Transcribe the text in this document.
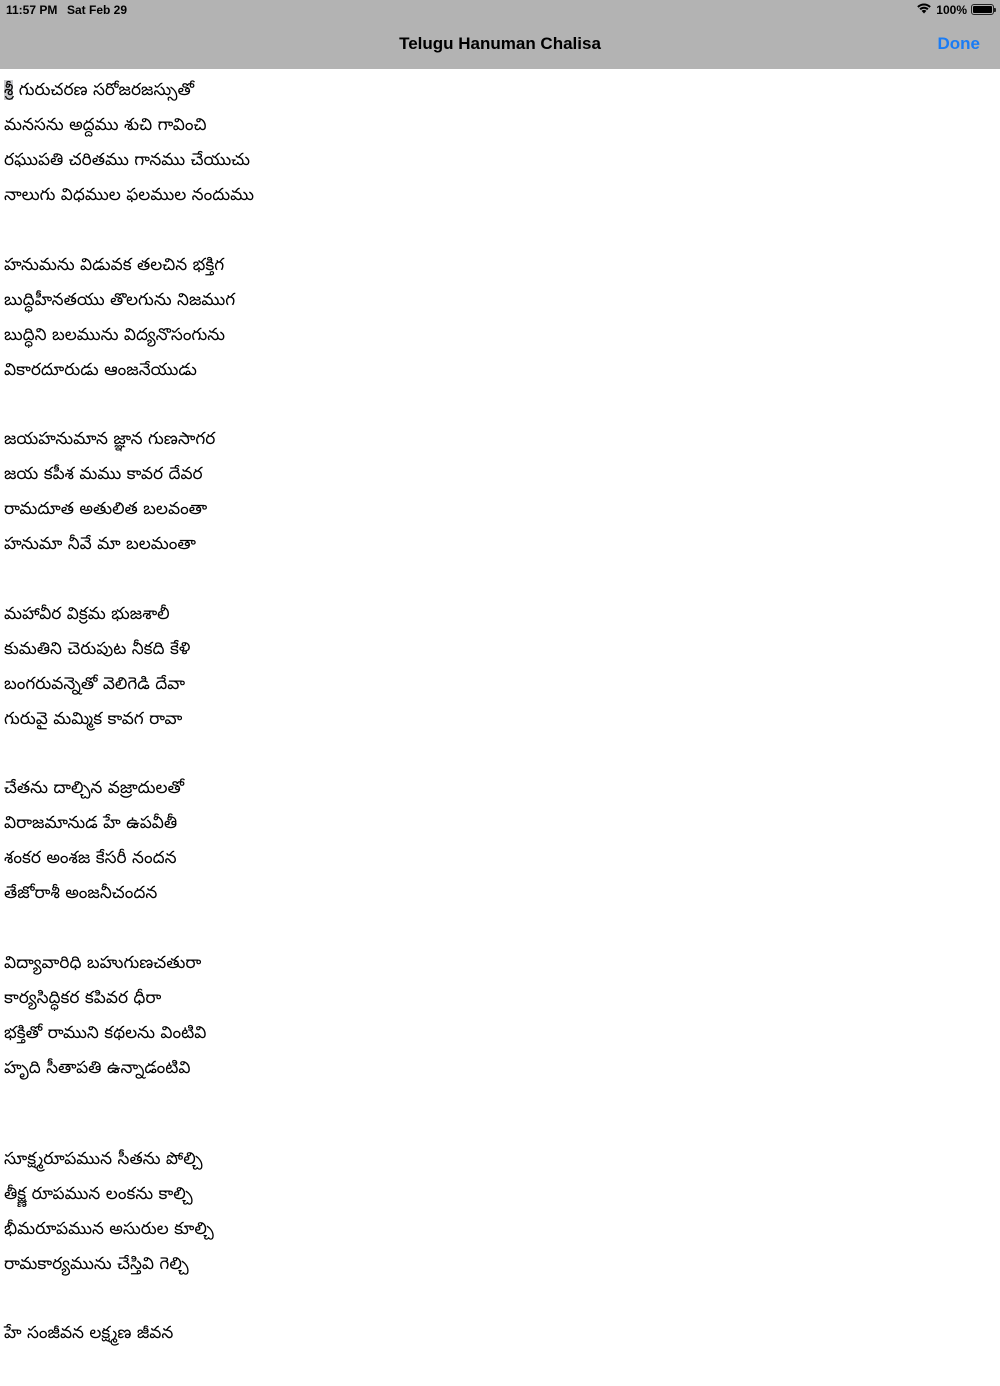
11:57 PM Sat Feb 29	100%
Telugu Hanuman Chalisa	Done
శ్రీ గురుచరణ సరోజరజస్సుతో
మనసను అద్దము శుచి గావించి
రఘుపతి చరితము గానము చేయుచు
నాలుగు విధముల ఫలముల నందుము
హనుమను విడువక తలచిన భక్తిగ
బుద్ధిహీనతయు తొలగును నిజముగ
బుద్ధిని బలమును విద్యనొసంగును
వికారదూరుడు ఆంజనేయుడు
జయహనుమాన జ్ఞాన గుణసాగర
జయ కపీశ మము కావర దేవర
రామదూత అతులిత బలవంతా
హనుమా నీవే మా బలమంతా
మహావీర విక్రమ భుజశాలీ
కుమతిని చెరుపుట నీకది కేళి
బంగరువన్నెతో వెలిగెడి దేవా
గురువై మమ్మిక కావగ రావా
చేతను దాల్చిన వజ్రాదులతో
విరాజమానుడ హే ఉపవీతీ
శంకర అంశజ కేసరీ నందన
తేజోరాశీ అంజనీచందన
విద్యావారిధి బహుగుణచతురా
కార్యసిద్ధికర కపివర ధీరా
భక్తితో రాముని కథలను వింటివి
హృది సీతాపతి ఉన్నాడంటివి
సూక్ష్మరూపమున సీతను పోల్చి
తీక్ష్ణ రూపమున లంకను కాల్చి
భీమరూపమున అసురుల కూల్చి
రామకార్యమును చేస్తివి గెల్చి
హే సంజీవన లక్ష్మణ జీవన
